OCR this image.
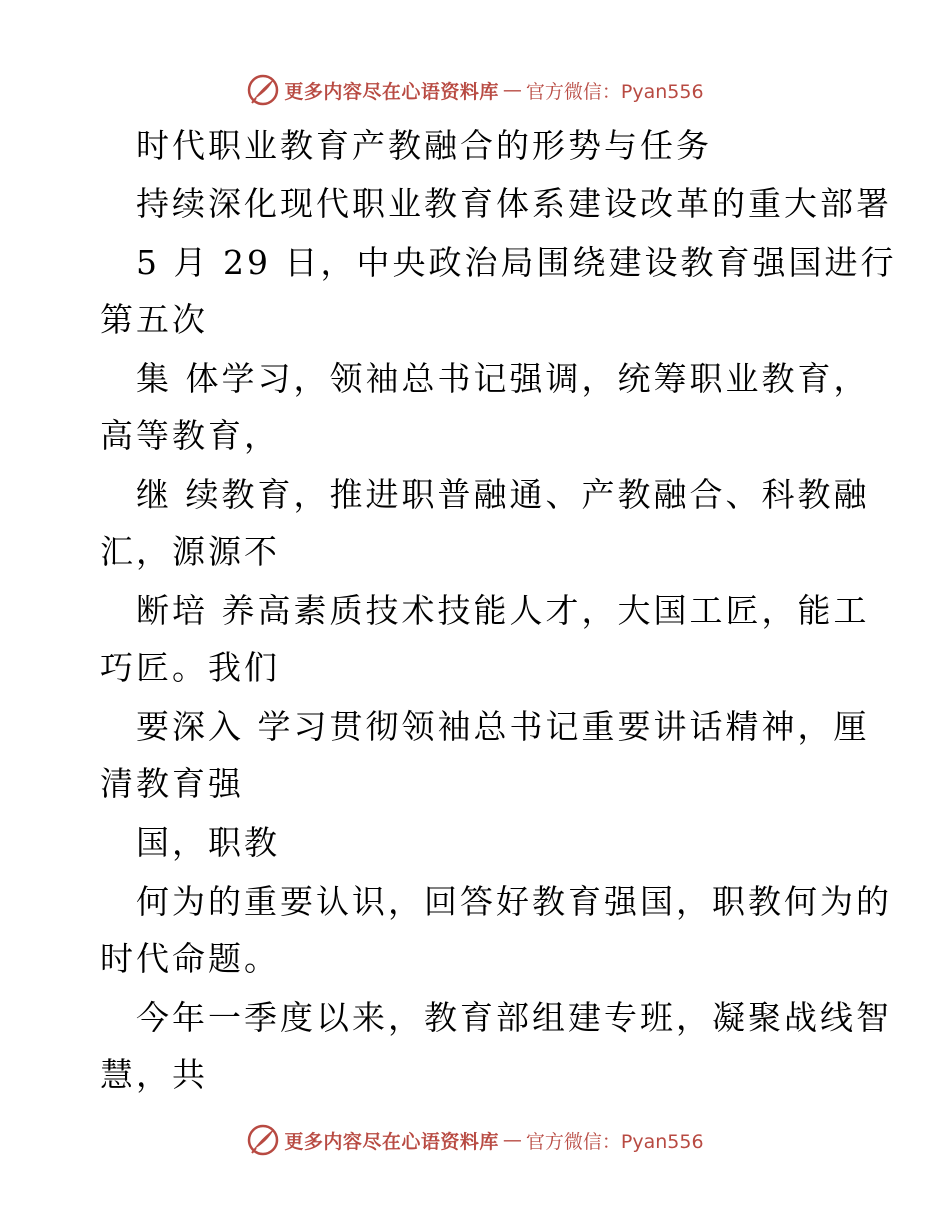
更多内容尽在心语资料库 — 官方微信：Pyan556
时代职业教育产教融合的形势与任务
持续深化现代职业教育体系建设改革的重大部署
5 月 29 日，中央政治局围绕建设教育强国进行
第五次
集 体学习，领袖总书记强调，统筹职业教育，
高等教育，
继 续教育，推进职普融通、产教融合、科教融
汇，源源不
断培 养高素质技术技能人才，大国工匠，能工
巧匠。我们
要深入 学习贯彻领袖总书记重要讲话精神，厘
清教育强
国，职教
何为的重要认识，回答好教育强国，职教何为的
时代命题。
今年一季度以来，教育部组建专班，凝聚战线智
慧，共
更多内容尽在心语资料库 — 官方微信：Pyan556
